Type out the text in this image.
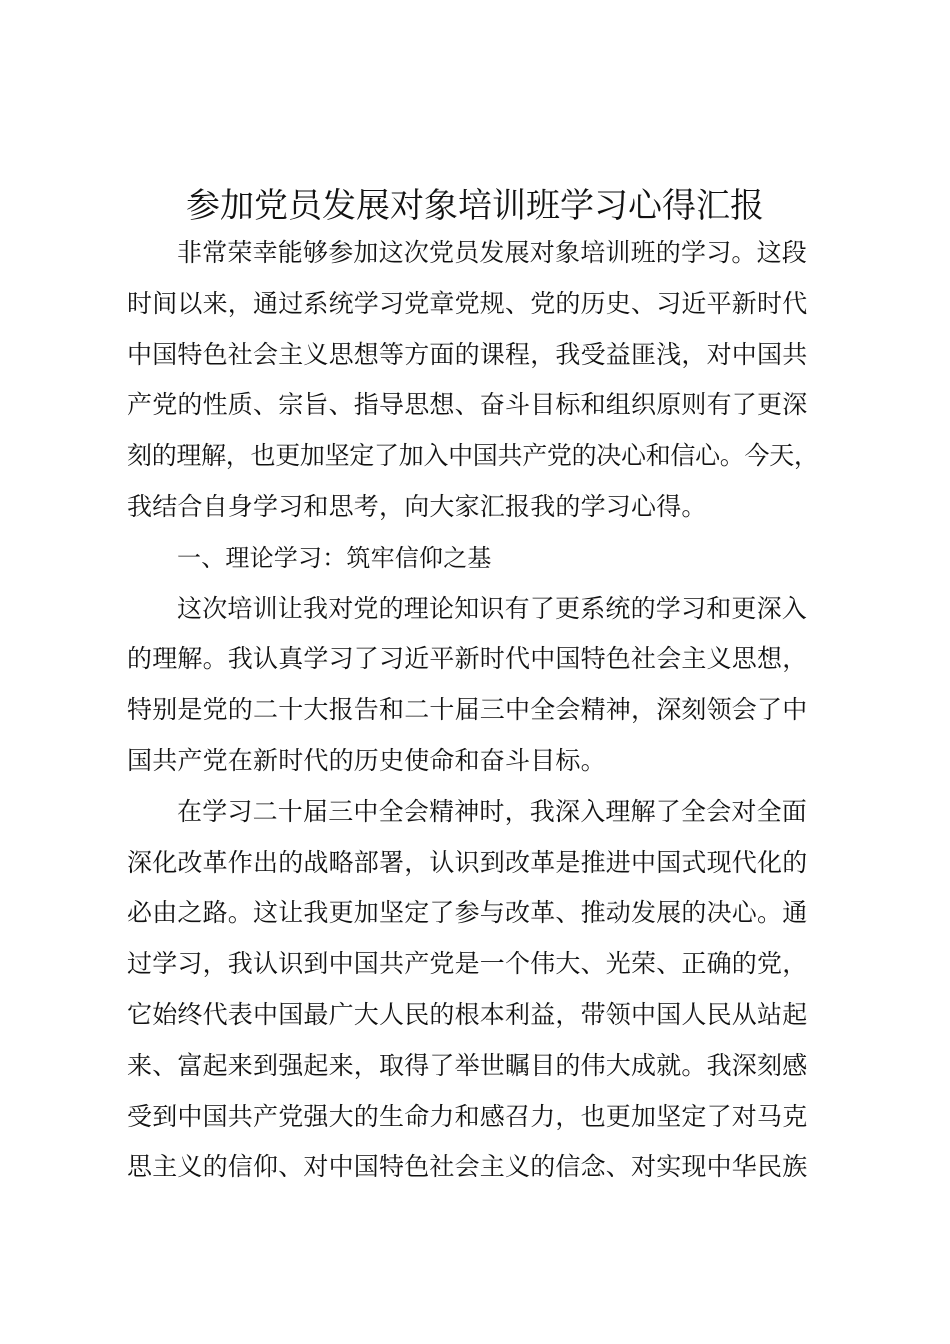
参加党员发展对象培训班学习心得汇报
非常荣幸能够参加这次党员发展对象培训班的学习。这段
时间以来，通过系统学习党章党规、党的历史、习近平新时代
中国特色社会主义思想等方面的课程，我受益匪浅，对中国共
产党的性质、宗旨、指导思想、奋斗目标和组织原则有了更深
刻的理解，也更加坚定了加入中国共产党的决心和信心。今天，
我结合自身学习和思考，向大家汇报我的学习心得。
一、理论学习：筑牢信仰之基
这次培训让我对党的理论知识有了更系统的学习和更深入
的理解。我认真学习了习近平新时代中国特色社会主义思想，
特别是党的二十大报告和二十届三中全会精神，深刻领会了中
国共产党在新时代的历史使命和奋斗目标。
在学习二十届三中全会精神时，我深入理解了全会对全面
深化改革作出的战略部署，认识到改革是推进中国式现代化的
必由之路。这让我更加坚定了参与改革、推动发展的决心。通
过学习，我认识到中国共产党是一个伟大、光荣、正确的党，
它始终代表中国最广大人民的根本利益，带领中国人民从站起
来、富起来到强起来，取得了举世瞩目的伟大成就。我深刻感
受到中国共产党强大的生命力和感召力，也更加坚定了对马克
思主义的信仰、对中国特色社会主义的信念、对实现中华民族
